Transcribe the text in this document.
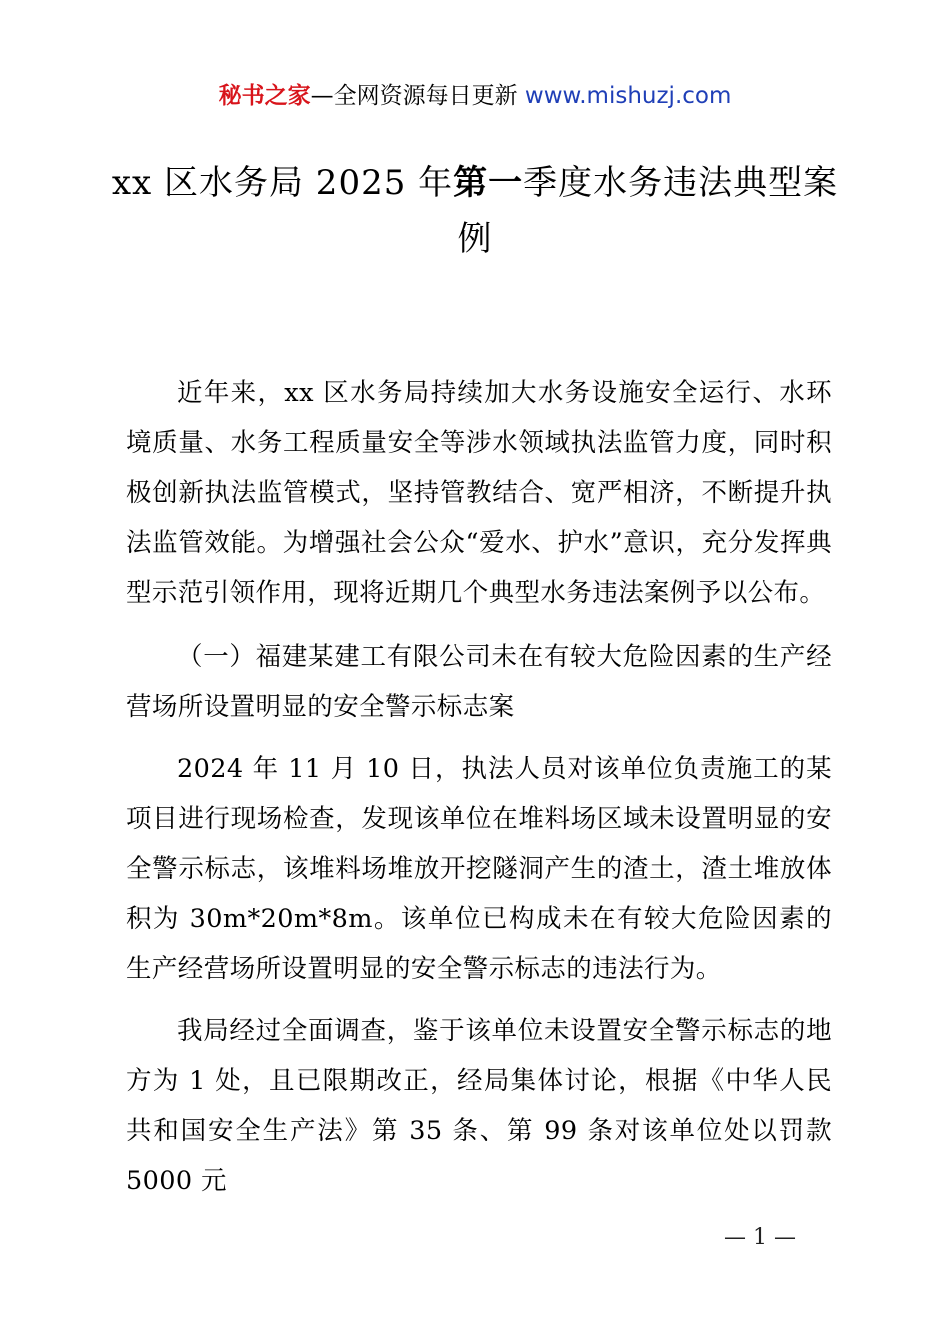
秘书之家—全网资源每日更新 www.mishuzj.com
xx 区水务局 2025 年第一季度水务违法典型案例

近年来，xx 区水务局持续加大水务设施安全运行、水环境质量、水务工程质量安全等涉水领域执法监管力度，同时积极创新执法监管模式，坚持管教结合、宽严相济，不断提升执法监管效能。为增强社会公众“爱水、护水”意识，充分发挥典型示范引领作用，现将近期几个典型水务违法案例予以公布。

（一）福建某建工有限公司未在有较大危险因素的生产经营场所设置明显的安全警示标志案

2024 年 11 月 10 日，执法人员对该单位负责施工的某项目进行现场检查，发现该单位在堆料场区域未设置明显的安全警示标志，该堆料场堆放开挖隧洞产生的渣土，渣土堆放体积为 30m*20m*8m。该单位已构成未在有较大危险因素的生产经营场所设置明显的安全警示标志的违法行为。

我局经过全面调查，鉴于该单位未设置安全警示标志的地方为 1 处，且已限期改正，经局集体讨论，根据《中华人民共和国安全生产法》第 35 条、第 99 条对该单位处以罚款 5000 元

— 1 —
